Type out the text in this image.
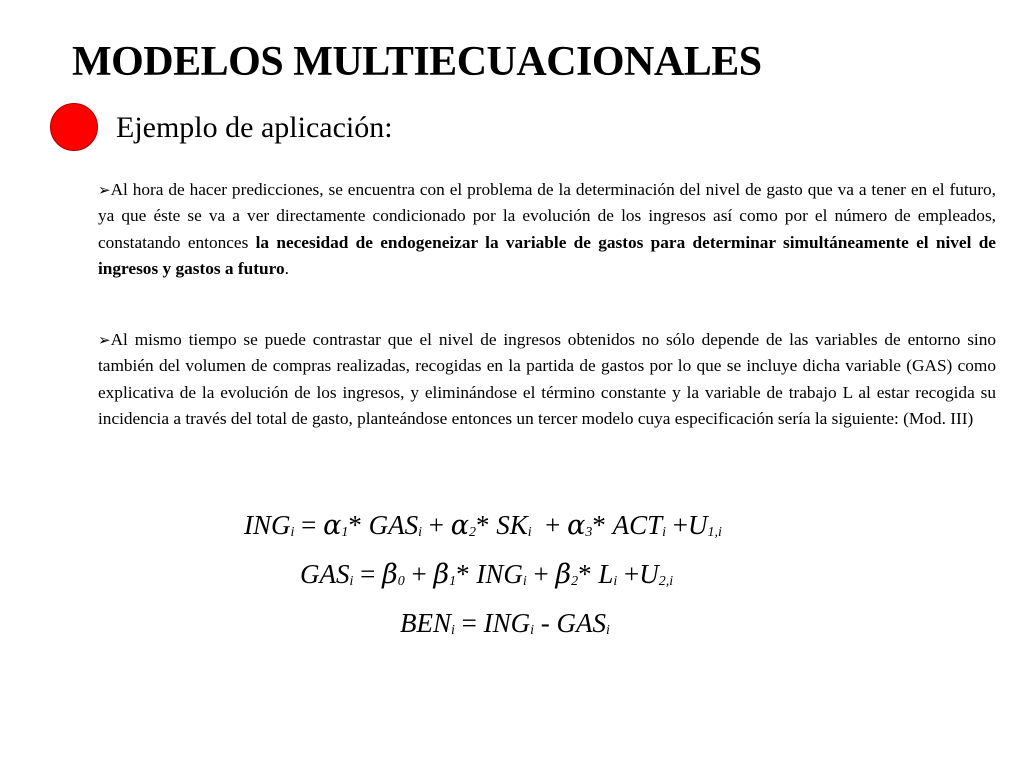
MODELOS MULTIECUACIONALES
Ejemplo de aplicación:

➢Al hora de hacer predicciones, se encuentra con el problema de la determinación del nivel de gasto que va a tener en el futuro, ya que éste se va a ver directamente condicionado por la evolución de los ingresos así como por el número de empleados, constatando entonces la necesidad de endogeneizar la variable de gastos para determinar simultáneamente el nivel de ingresos y gastos a futuro.

➢Al mismo tiempo se puede contrastar que el nivel de ingresos obtenidos no sólo depende de las variables de entorno sino también del volumen de compras realizadas, recogidas en la partida de gastos por lo que se incluye dicha variable (GAS) como explicativa de la evolución de los ingresos, y eliminándose el término constante y la variable de trabajo L al estar recogida su incidencia a través del total de gasto, planteándose entonces un tercer modelo cuya especificación sería la siguiente: (Mod. III)

$ING_i = \alpha_1*$ $GAS_i + \alpha_2*$ $SK_i + \alpha_3*$ $ACT_i +U_{1,i}$
$GAS_i = \beta_0 + \beta_1*$ $ING_i + \beta_2*$ $L_i +U_{2,i}$
$BEN_i = ING_i - GAS_i$
